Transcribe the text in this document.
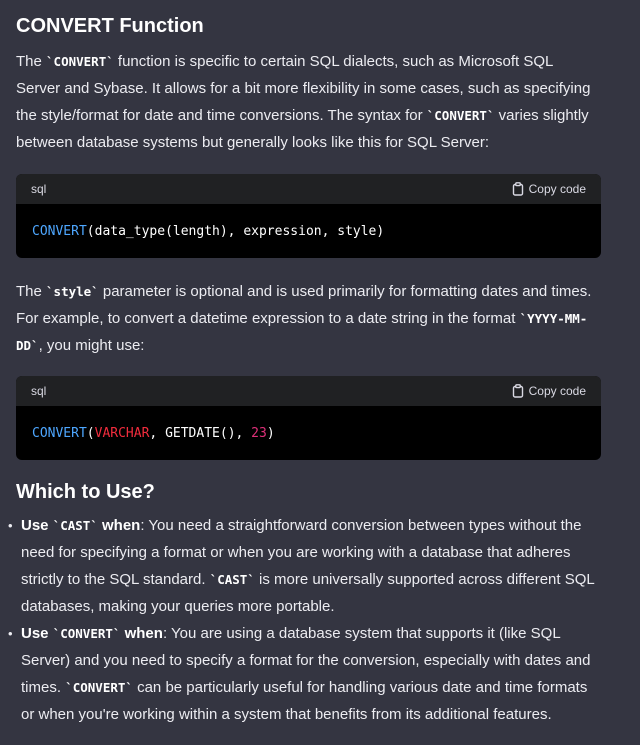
CONVERT Function

The `CONVERT` function is specific to certain SQL dialects, such as Microsoft SQL Server and Sybase. It allows for a bit more flexibility in some cases, such as specifying the style/format for date and time conversions. The syntax for `CONVERT` varies slightly between database systems but generally looks like this for SQL Server:

sql	Copy code
CONVERT (data_type(length), expression, style)

The `style` parameter is optional and is used primarily for formatting dates and times. For example, to convert a datetime expression to a date string in the format `YYYY-MM-DD`, you might use:

sql	Copy code
CONVERT ( VARCHAR , GETDATE(), 23 )
Which to Use?
• Use `CAST` when: You need a straightforward conversion between types without the need for specifying a format or when you are working with a database that adheres strictly to the SQL standard. `CAST` is more universally supported across different SQL databases, making your queries more portable.
• Use `CONVERT` when: You are using a database system that supports it (like SQL Server) and you need to specify a format for the conversion, especially with dates and times. `CONVERT` can be particularly useful for handling various date and time formats or when you're working within a system that benefits from its additional features.
